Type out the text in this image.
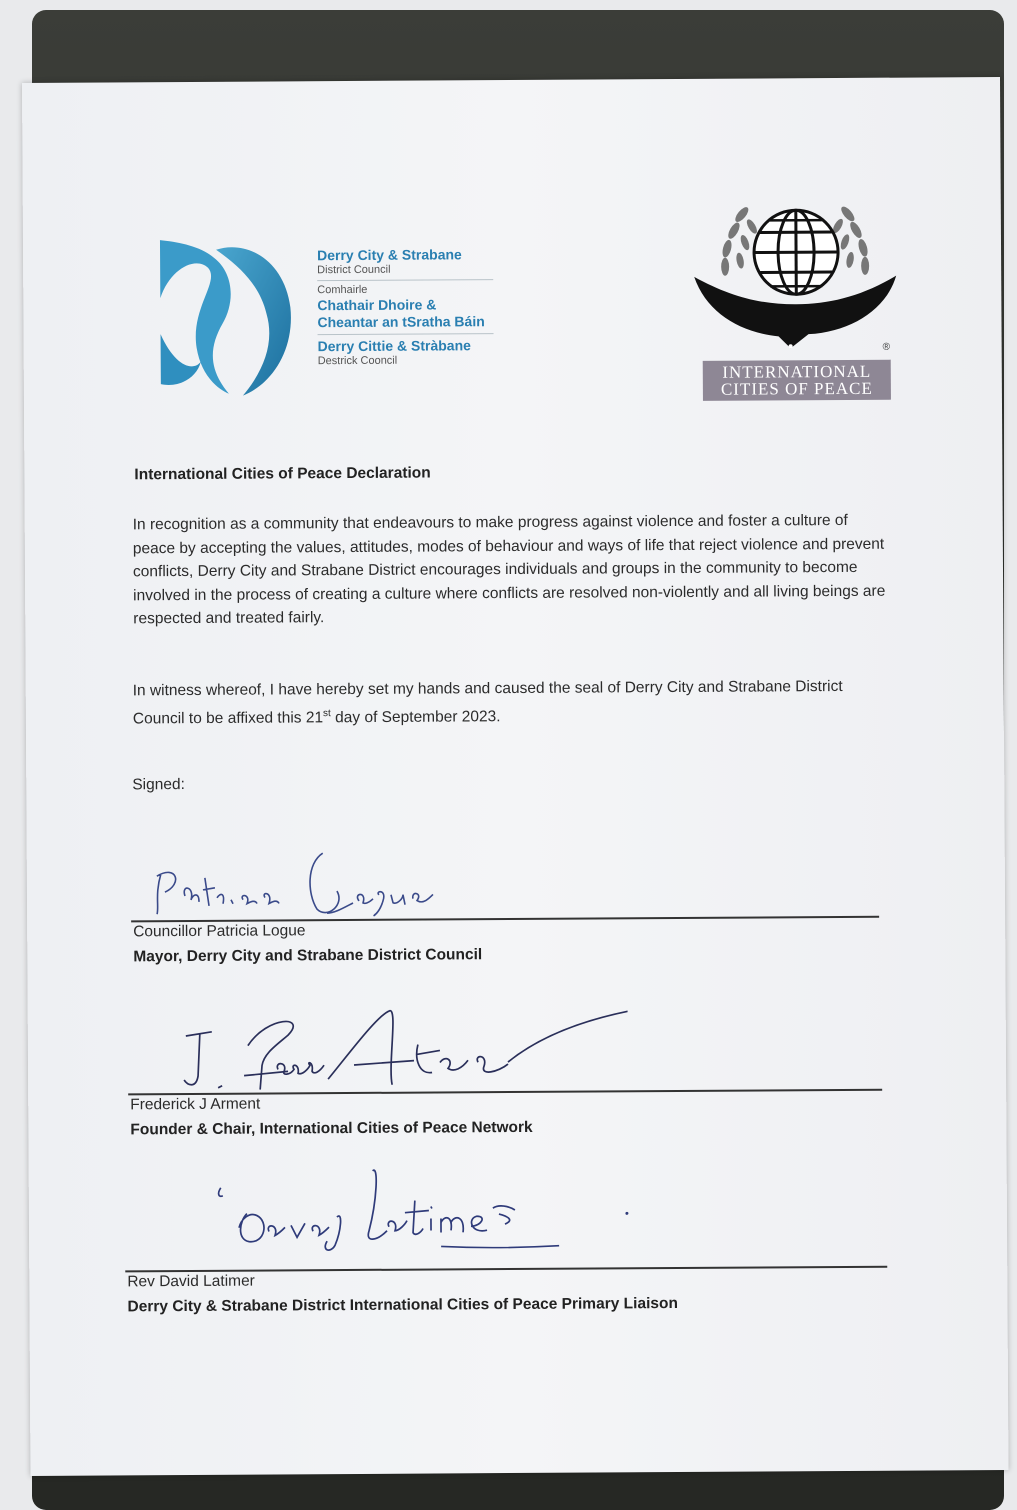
Derry City & Strabane
District Council
Comhairle
Chathair Dhoire &
Cheantar an tSratha Báin
Derry Cittie & Stràbane
Destrick Cooncil
®
INTERNATIONAL
CITIES OF PEACE
International Cities of Peace Declaration
In recognition as a community that endeavours to make progress against violence and foster a culture of peace by accepting the values, attitudes, modes of behaviour and ways of life that reject violence and prevent conflicts, Derry City and Strabane District encourages individuals and groups in the community to become involved in the process of creating a culture where conflicts are resolved non-violently and all living beings are respected and treated fairly.
In witness whereof, I have hereby set my hands and caused the seal of Derry City and Strabane District Council to be affixed this 21st day of September 2023.
Signed:
Councillor Patricia Logue
Mayor, Derry City and Strabane District Council
Frederick J Arment
Founder & Chair, International Cities of Peace Network
Rev David Latimer
Derry City & Strabane District International Cities of Peace Primary Liaison
